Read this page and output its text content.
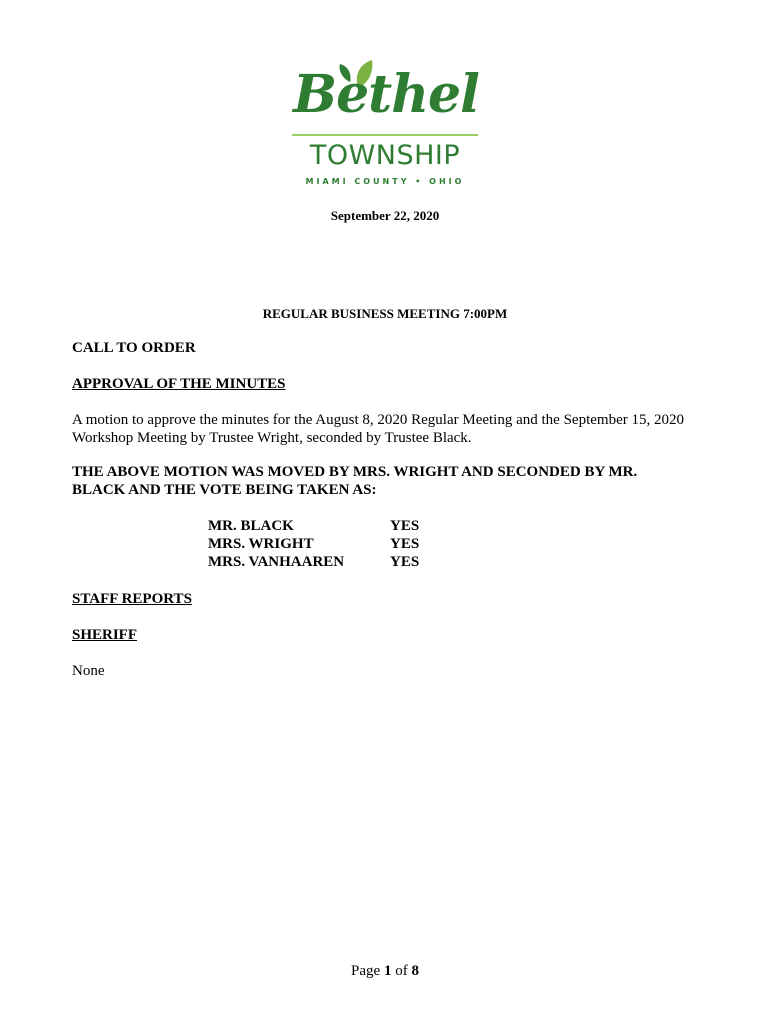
Bethel
TOWNSHIP
MIAMI COUNTY • OHIO
September 22, 2020
REGULAR BUSINESS MEETING 7:00PM
CALL TO ORDER
APPROVAL OF THE MINUTES
A motion to approve the minutes for the August 8, 2020 Regular Meeting and the September 15, 2020
Workshop Meeting by Trustee Wright, seconded by Trustee Black.
THE ABOVE MOTION WAS MOVED BY MRS. WRIGHT AND SECONDED BY MR.
BLACK AND THE VOTE BEING TAKEN AS:
MR. BLACK	YES
MRS. WRIGHT	YES
MRS. VANHAAREN	YES
STAFF REPORTS
SHERIFF
None
Page 1 of 8
